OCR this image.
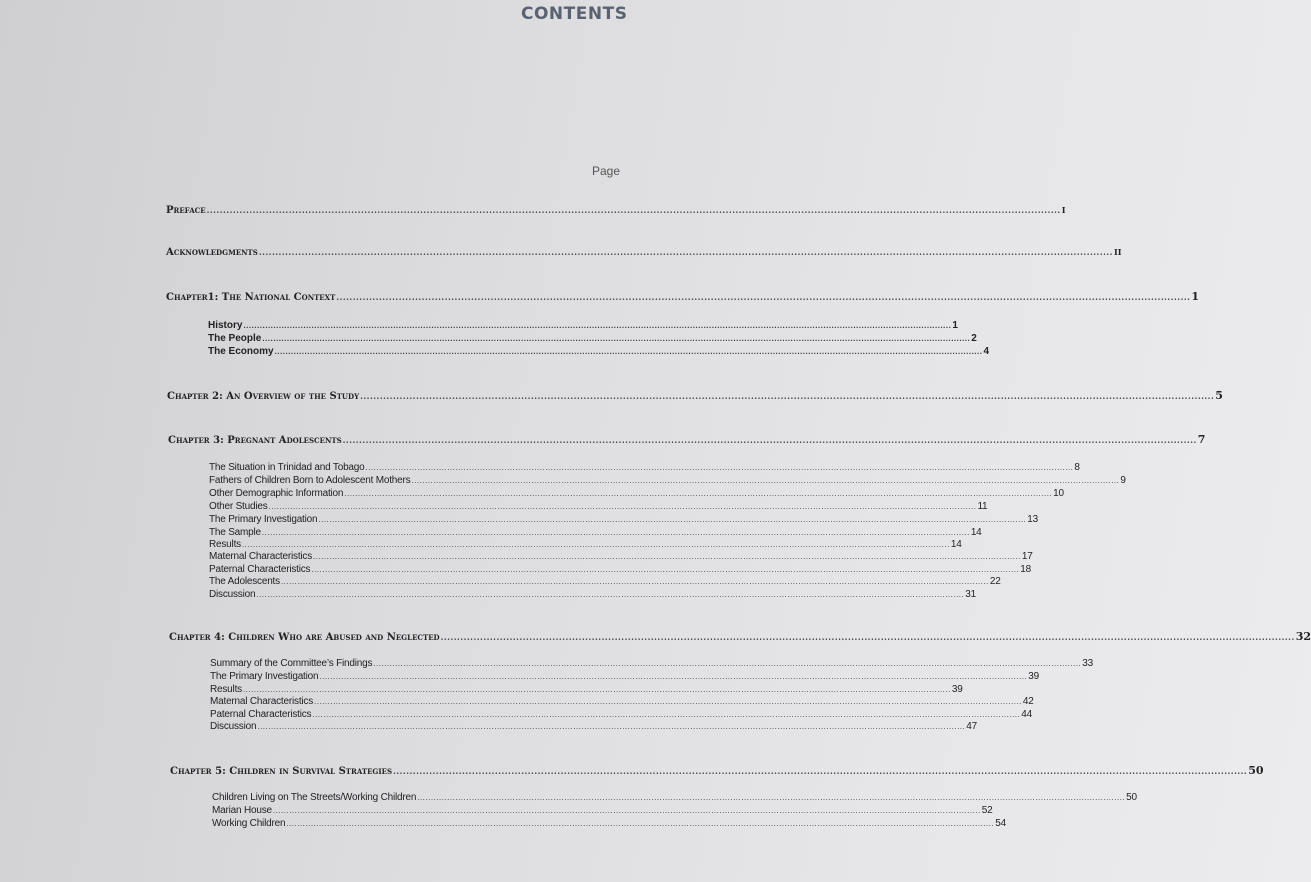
CONTENTS
Page
Preface .................................................................................................................................................................................................................................................................... i
Acknowledgments .................................................................................................................................................................................................................................................................... ii
Chapter1: The National Context .................................................................................................................................................................................................................................................................... 1
History .................................................................................................................................................................................................................................................................... 1
The People .................................................................................................................................................................................................................................................................... 2
The Economy .................................................................................................................................................................................................................................................................... 4
Chapter 2: An Overview of the Study .................................................................................................................................................................................................................................................................... 5
Chapter 3: Pregnant Adolescents .................................................................................................................................................................................................................................................................... 7
The Situation in Trinidad and Tobago .................................................................................................................................................................................................................................................................... 8
Fathers of Children Born to Adolescent Mothers .................................................................................................................................................................................................................................................................... 9
Other Demographic Information .................................................................................................................................................................................................................................................................... 10
Other Studies .................................................................................................................................................................................................................................................................... 11
The Primary Investigation .................................................................................................................................................................................................................................................................... 13
The Sample .................................................................................................................................................................................................................................................................... 14
Results .................................................................................................................................................................................................................................................................... 14
Maternal Characteristics .................................................................................................................................................................................................................................................................... 17
Paternal Characteristics .................................................................................................................................................................................................................................................................... 18
The Adolescents .................................................................................................................................................................................................................................................................... 22
Discussion .................................................................................................................................................................................................................................................................... 31
Chapter 4: Children Who are Abused and Neglected .................................................................................................................................................................................................................................................................... 32
Summary of the Committee’s Findings .................................................................................................................................................................................................................................................................... 33
The Primary Investigation .................................................................................................................................................................................................................................................................... 39
Results .................................................................................................................................................................................................................................................................... 39
Maternal Characteristics .................................................................................................................................................................................................................................................................... 42
Paternal Characteristics .................................................................................................................................................................................................................................................................... 44
Discussion .................................................................................................................................................................................................................................................................... 47
Chapter 5: Children in Survival Strategies .................................................................................................................................................................................................................................................................... 50
Children Living on The Streets/Working Children .................................................................................................................................................................................................................................................................... 50
Marian House .................................................................................................................................................................................................................................................................... 52
Working Children .................................................................................................................................................................................................................................................................... 54
